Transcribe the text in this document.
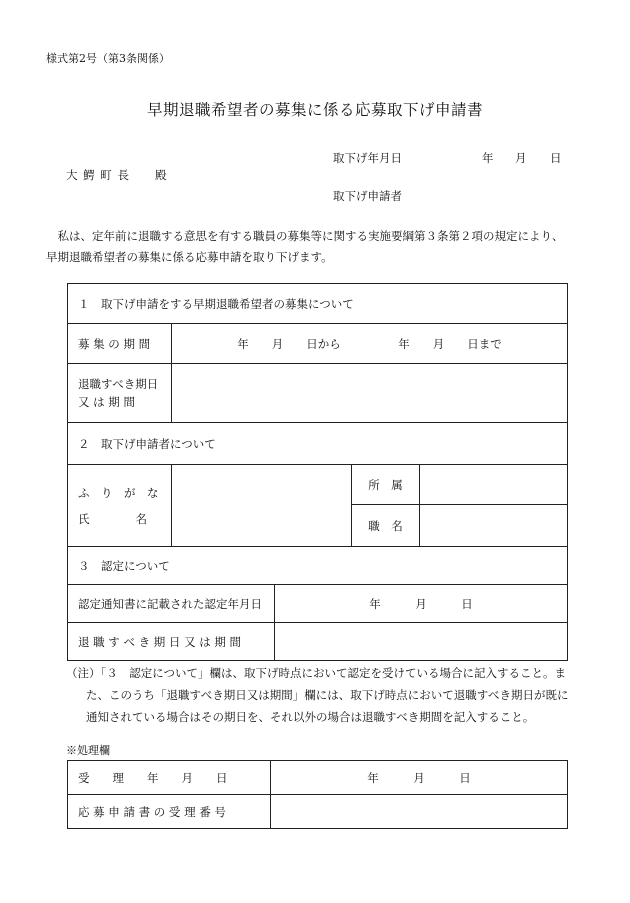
様式第2号（第3条関係）
早期退職希望者の募集に係る応募取下げ申請書
取下げ年月日	年 月 日
大 鰐 町 長　　殿
取下げ申請者

私は、定年前に退職する意思を有する職員の募集等に関する実施要綱第３条第２項の規定により、

早期退職希望者の募集に係る応募申請を取り下げます。

１　取下げ申請をする早期退職希望者の募集について				
募 集 の 期 間	年　　月　　日から　　　　　年　　月　　日まで			

退職すべき期日
又 は 期 間				

２　取下げ申請者について				

ふ　り　が　な
氏　　　　名			所　属	
			職　名	
３　認定について				
認定通知書に記載された認定年月日		年　　　月　　　日		
退 職 す べ き 期 日 又 は 期 間				
（注）「３　認定について」欄は、取下げ時点において認定を受けている場合に記入すること。ま
た、このうち「退職すべき期日又は期間」欄には、取下げ時点において退職すべき期日が既に
通知されている場合はその期日を、それ以外の場合は退職すべき期間を記入すること。
※処理欄
受　　理　　年　　月　　日	年　　　月　　　日
応 募 申 請 書 の 受 理 番 号	
